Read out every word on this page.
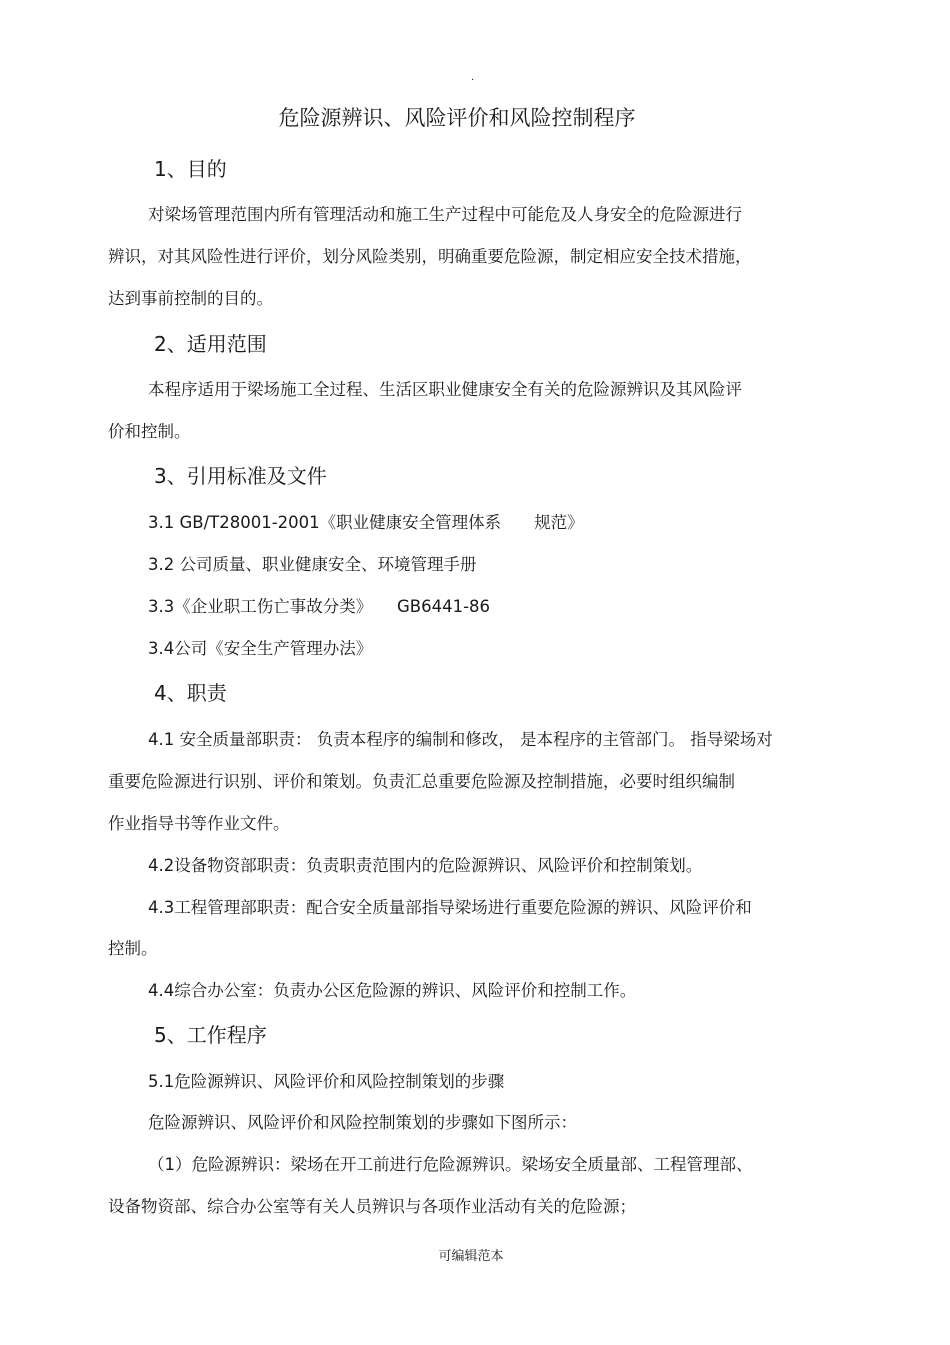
.
危险源辨识、风险评价和风险控制程序
1、目的
对梁场管理范围内所有管理活动和施工生产过程中可能危及人身安全的危险源进行
辨识，对其风险性进行评价，划分风险类别，明确重要危险源，制定相应安全技术措施，
达到事前控制的目的。
2、适用范围
本程序适用于梁场施工全过程、生活区职业健康安全有关的危险源辨识及其风险评
价和控制。
3、引用标准及文件
3.1 GB/T28001-2001《职业健康安全管理体系　　规范》
3.2 公司质量、职业健康安全、环境管理手册
3.3《企业职工伤亡事故分类》　　GB6441-86
3.4公司《安全生产管理办法》
4、职责
4.1 安全质量部职责： 负责本程序的编制和修改， 是本程序的主管部门。 指导梁场对
重要危险源进行识别、评价和策划。负责汇总重要危险源及控制措施，必要时组织编制
作业指导书等作业文件。
4.2设备物资部职责：负责职责范围内的危险源辨识、风险评价和控制策划。
4.3工程管理部职责：配合安全质量部指导梁场进行重要危险源的辨识、风险评价和
控制。
4.4综合办公室：负责办公区危险源的辨识、风险评价和控制工作。
5、工作程序
5.1危险源辨识、风险评价和风险控制策划的步骤
危险源辨识、风险评价和风险控制策划的步骤如下图所示：
（1）危险源辨识：梁场在开工前进行危险源辨识。梁场安全质量部、工程管理部、
设备物资部、综合办公室等有关人员辨识与各项作业活动有关的危险源；
可编辑范本
